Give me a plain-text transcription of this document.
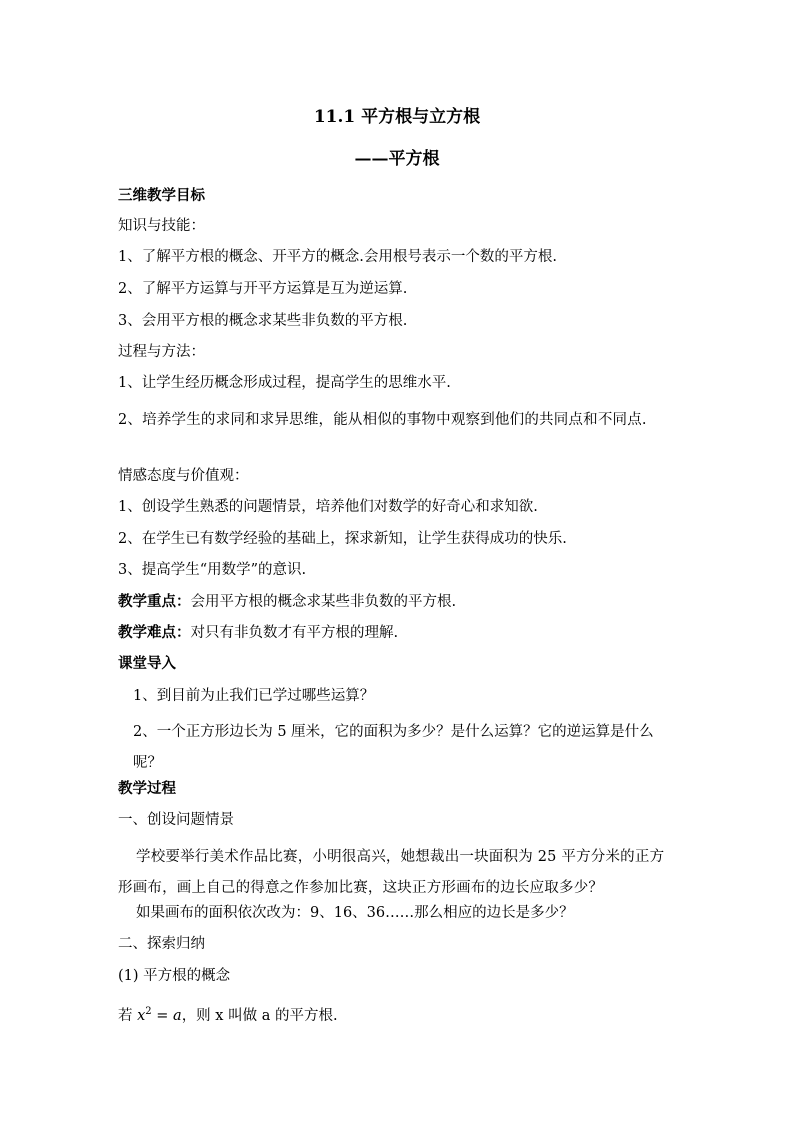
11.1 平方根与立方根
——平方根
三维教学目标
知识与技能：
1、了解平方根的概念、开平方的概念.会用根号表示一个数的平方根.
2、了解平方运算与开平方运算是互为逆运算.
3、会用平方根的概念求某些非负数的平方根.
过程与方法：
1、让学生经历概念形成过程，提高学生的思维水平.
2、培养学生的求同和求异思维，能从相似的事物中观察到他们的共同点和不同点.
情感态度与价值观：
1、创设学生熟悉的问题情景，培养他们对数学的好奇心和求知欲.
2、在学生已有数学经验的基础上，探求新知，让学生获得成功的快乐.
3、提高学生“用数学”的意识.
教学重点：会用平方根的概念求某些非负数的平方根.
教学难点：对只有非负数才有平方根的理解.
课堂导入
1、到目前为止我们已学过哪些运算？
2、一个正方形边长为 5 厘米，它的面积为多少？是什么运算？它的逆运算是什么呢？
教学过程
一、创设问题情景
学校要举行美术作品比赛，小明很高兴，她想裁出一块面积为 25 平方分米的正方形画布，画上自己的得意之作参加比赛，这块正方形画布的边长应取多少？
如果画布的面积依次改为：9、16、36……那么相应的边长是多少？
二、探索归纳
(1) 平方根的概念
若 $x^2 = a$，则 x 叫做 a 的平方根.
